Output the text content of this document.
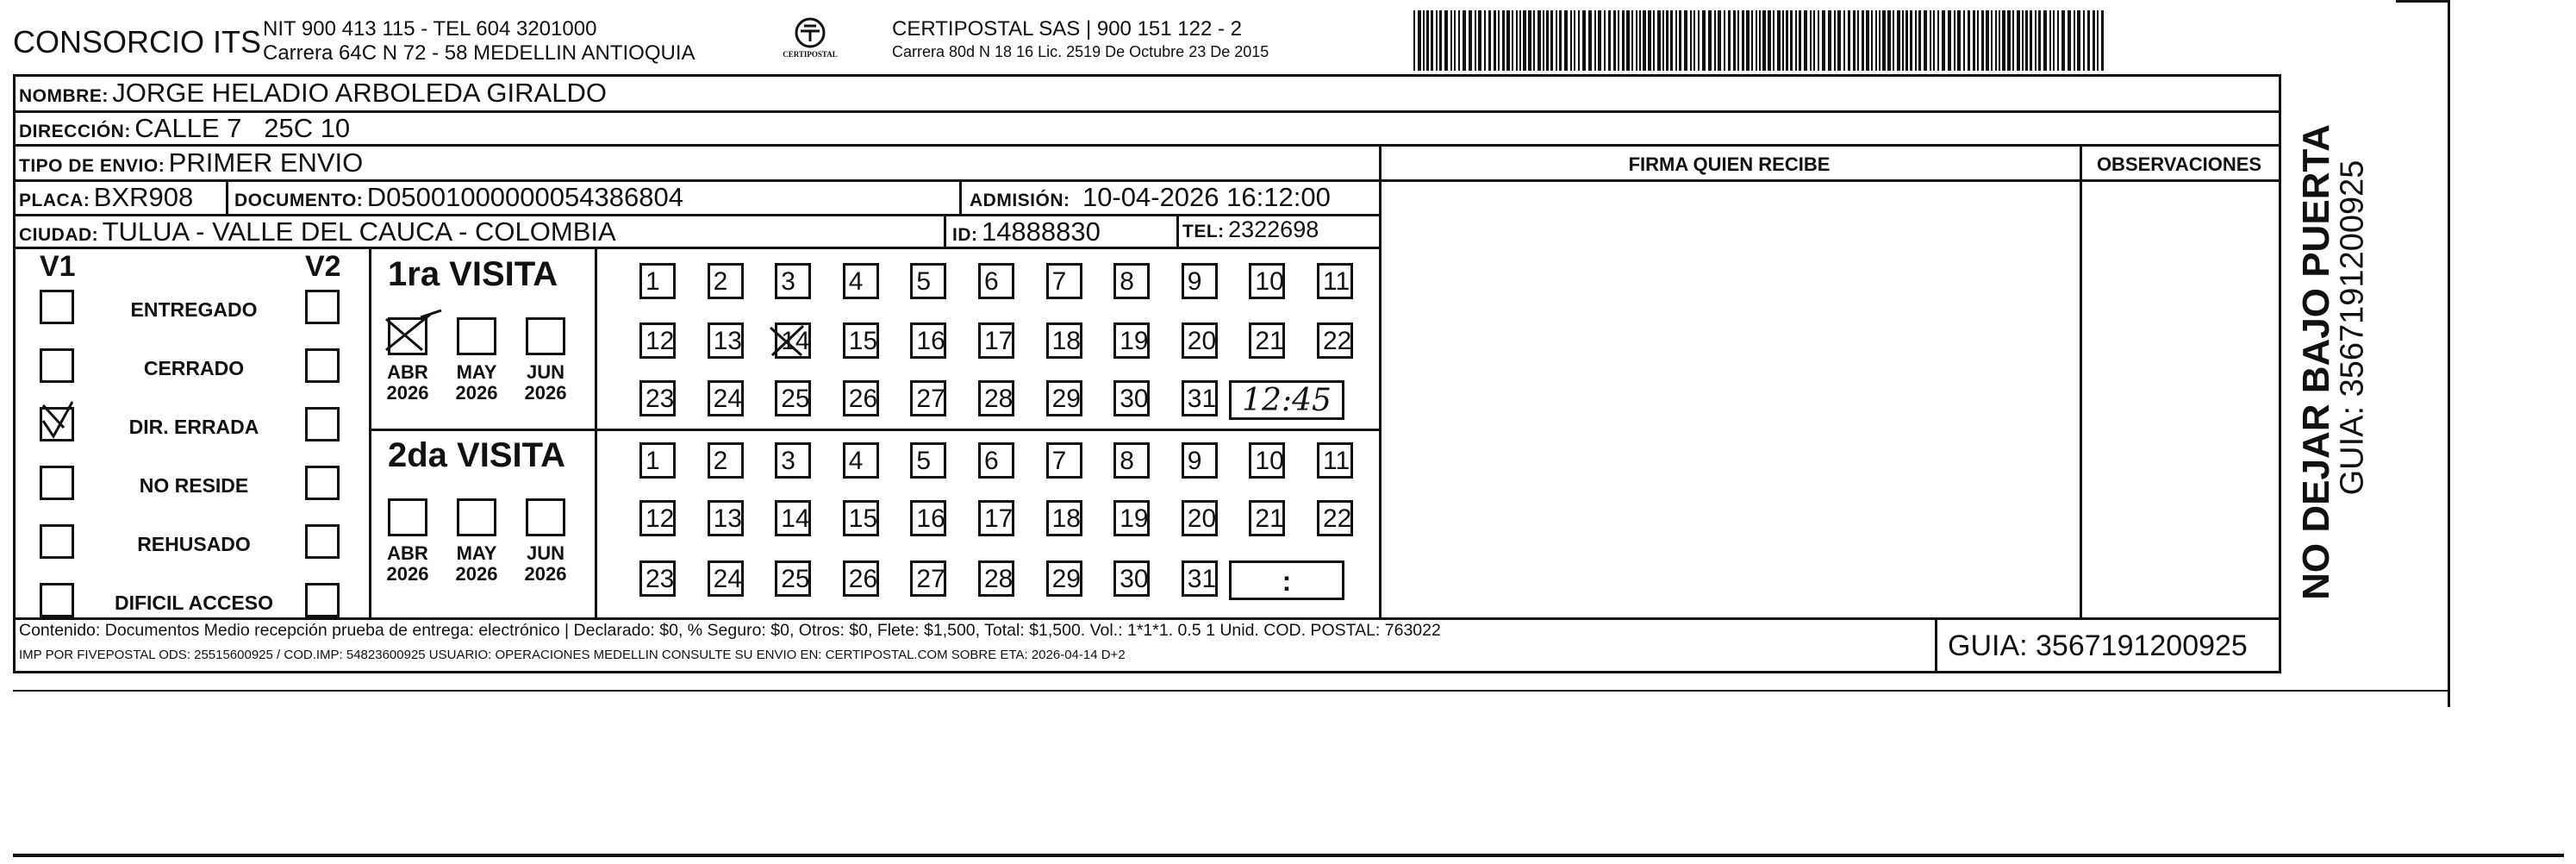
CONSORCIO ITS NIT 900 413 115 - TEL 604 3201000
Carrera 64C N 72 - 58 MEDELLIN ANTIOQUIA	CERTIPOSTAL
CERTIPOSTAL SAS | 900 151 122 - 2
Carrera 80d N 18 16 Lic. 2519 De Octubre 23 De 2015
NOMBRE: JORGE HELADIO ARBOLEDA GIRALDO
DIRECCIÓN: CALLE 7   25C 10
TIPO DE ENVIO: PRIMER ENVIO	FIRMA QUIEN RECIBE	OBSERVACIONES
PLACA: BXR908 DOCUMENTO: D05001000000054386804	ADMISIÓN: 10-04-2026 16:12:00
CIUDAD: TULUA - VALLE DEL CAUCA - COLOMBIA	ID: 14888830	TEL: 2322698
V1	V2
ENTREGADO
CERRADO
DIR. ERRADA
NO RESIDE
REHUSADO
DIFICIL ACCESO
1ra VISITA
2da VISITA
ABR
2026
MAY
2026
JUN
2026
ABR
2026
MAY
2026
JUN
2026
1	2	3	4	5	6	7	8	9	10 11
12 13 14 15 16 17 18 19 20 21 22
23 24 25 26 27 28 29 30 31 12:45
1	2	3	4	5	6	7	8	9	10 11
12 13 14 15 16 17 18 19 20 21 22
23 24 25 26 27 28 29 30 31	:
Contenido: Documentos Medio recepción prueba de entrega: electrónico | Declarado: $0, % Seguro: $0, Otros: $0, Flete: $1,500, Total: $1,500. Vol.: 1*1*1. 0.5 1 Unid. COD. POSTAL: 763022
IMP POR FIVEPOSTAL ODS: 25515600925 / COD.IMP: 54823600925 USUARIO: OPERACIONES MEDELLIN CONSULTE SU ENVIO EN: CERTIPOSTAL.COM SOBRE ETA: 2026-04-14 D+2	GUIA: 3567191200925
NO DEJAR BAJO PUERTA
GUIA: 3567191200925
